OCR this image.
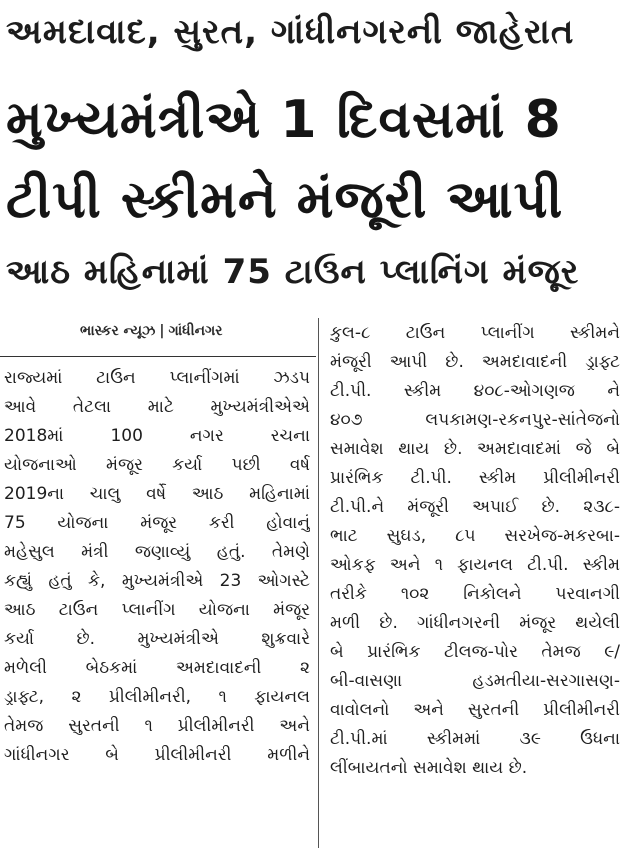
અમદાવાદ, સુરત, ગાંધીનગરની જાહેરાત
મુખ્યમંત્રીએ 1 દિવસમાં 8
ટીપી સ્કીમને મંજૂરી આપી
આઠ મહિનામાં 75 ટાઉન પ્લાનિંગ મંજૂર
ભાસ્કર ન્યૂઝ | ગાંધીનગર
રાજ્યમાં ટાઉન પ્લાનીંગમાં ઝડપ
આવે તેટલા માટે મુખ્યમંત્રીએએ
2018માં 100 નગર રચના
યોજનાઓ મંજૂર કર્યા પછી વર્ષ
2019ના ચાલુ વર્ષે આઠ મહિનામાં
75 યોજના મંજૂર કરી હોવાનું
મહેસુલ મંત્રી જણાવ્યું હતું. તેમણે
કહ્યું હતું કે, મુખ્યમંત્રીએ 23 ઓગસ્ટે
આઠ ટાઉન પ્લાનીંગ યોજના મંજૂર
કર્યા છે. મુખ્યમંત્રીએ શુક્રવારે
મળેલી બેઠકમાં અમદાવાદની ૨
ડ્રાફ્ટ, ૨ પ્રીલીમીનરી, ૧ ફાયનલ
તેમજ સુરતની ૧ પ્રીલીમીનરી અને
ગાંધીનગર બે પ્રીલીમીનરી મળીને
કુલ-૮ ટાઉન પ્લાનીંગ સ્કીમને
મંજૂરી આપી છે. અમદાવાદની ડ્રાફ્ટ
ટી.પી. સ્કીમ ૪૦૮-ઓગણજ ને
૪૦૭ લપકામણ-રકનપુર-સાંતેજનો
સમાવેશ થાય છે. અમદાવાદમાં જે બે
પ્રારંભિક ટી.પી. સ્કીમ પ્રીલીમીનરી
ટી.પી.ને મંજૂરી અપાઈ છે. ૨૩૮-
ભાટ સુઘડ, ૮૫ સરખેજ-મકરબા-
ઓકફ અને ૧ ફાયનલ ટી.પી. સ્કીમ
તરીકે ૧૦૨ નિકોલને પરવાનગી
મળી છે. ગાંધીનગરની મંજૂર થયેલી
બે પ્રારંભિક ટીલજ-પોર તેમજ ૯/
બી-વાસણા હડમતીયા-સરગાસણ-
વાવોલનો અને સુરતની પ્રીલીમીનરી
ટી.પી.માં સ્કીમમાં ૩૯ ઉધના
લીંબાયતનો સમાવેશ થાય છે.
